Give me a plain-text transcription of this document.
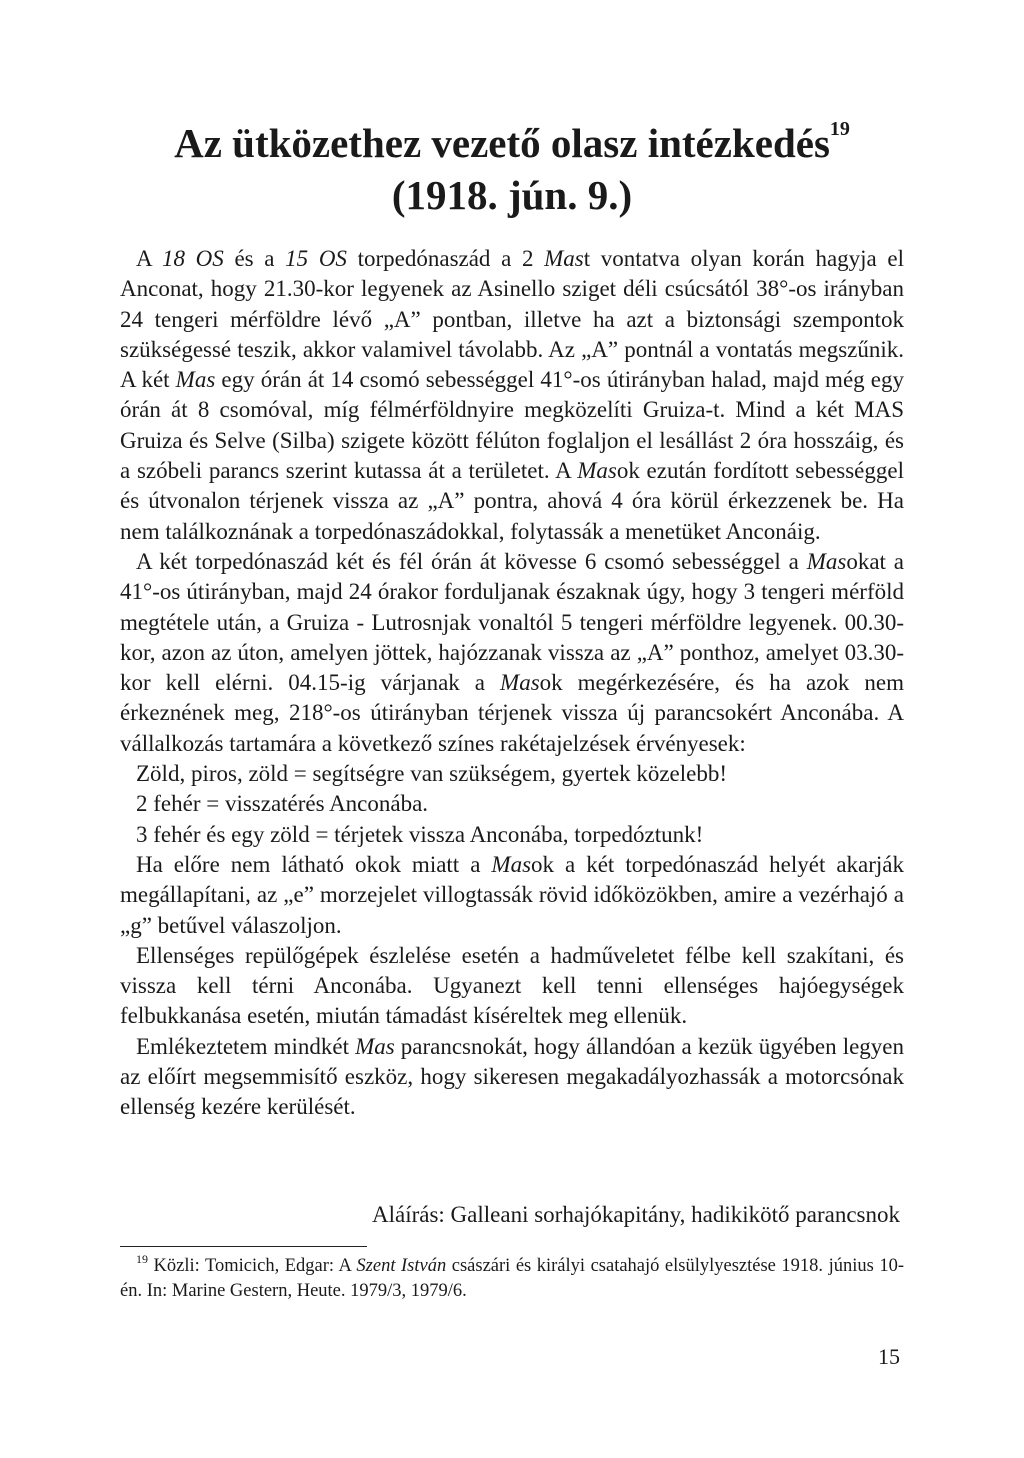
Az ütközethez vezető olasz intézkedés$^{19}$
(1918. jún. 9.)

A 18 OS és a 15 OS torpedónaszád a 2 Mast vontatva olyan korán hagyja el Anconat, hogy 21.30-kor legyenek az Asinello sziget déli csúcsától 38°-os irányban 24 tengeri mérföldre lévő „A” pontban, illetve ha azt a biztonsági szempontok szükségessé teszik, akkor valamivel távolabb. Az „A” pontnál a vontatás megszűnik. A két Mas egy órán át 14 csomó sebességgel 41°-os útirányban halad, majd még egy órán át 8 csomóval, míg félmérföldnyire megközelíti Gruiza-t. Mind a két MAS Gruiza és Selve (Silba) szigete között félúton foglaljon el lesállást 2 óra hosszáig, és a szóbeli parancs szerint kutassa át a területet. A Masok ezután fordított sebességgel és útvonalon térjenek vissza az „A” pontra, ahová 4 óra körül érkezzenek be. Ha nem találkoznának a torpedónaszádokkal, folytassák a menetüket Anconáig.

A két torpedónaszád két és fél órán át kövesse 6 csomó sebességgel a Masokat a 41°-os útirányban, majd 24 órakor forduljanak északnak úgy, hogy 3 tengeri mérföld megtétele után, a Gruiza - Lutrosnjak vonaltól 5 tengeri mérföldre legyenek. 00.30-kor, azon az úton, amelyen jöttek, hajózzanak vissza az „A” ponthoz, amelyet 03.30-kor kell elérni. 04.15-ig várjanak a Masok megérkezésére, és ha azok nem érkeznének meg, 218°-os útirányban térjenek vissza új parancsokért Anconába. A vállalkozás tartamára a következő színes rakétajelzések érvényesek:

Zöld, piros, zöld = segítségre van szükségem, gyertek közelebb!

2 fehér = visszatérés Anconába.

3 fehér és egy zöld = térjetek vissza Anconába, torpedóztunk!

Ha előre nem látható okok miatt a Masok a két torpedónaszád helyét akarják megállapítani, az „e” morzejelet villogtassák rövid időközökben, amire a vezérhajó a „g” betűvel válaszoljon.

Ellenséges repülőgépek észlelése esetén a hadműveletet félbe kell szakítani, és vissza kell térni Anconába. Ugyanezt kell tenni ellenséges hajóegységek felbukkanása esetén, miután támadást kíséreltek meg ellenük.

Emlékeztetem mindkét Mas parancsnokát, hogy állandóan a kezük ügyében legyen az előírt megsemmisítő eszköz, hogy sikeresen megakadályozhassák a motorcsónak ellenség kezére kerülését.

Aláírás: Galleani sorhajókapitány, hadikikötő parancsnok

$^{19}$ Közli: Tomicich, Edgar: A Szent István császári és királyi csatahajó elsülylyesztése 1918. június 10-én. In: Marine Gestern, Heute. 1979/3, 1979/6.

15
